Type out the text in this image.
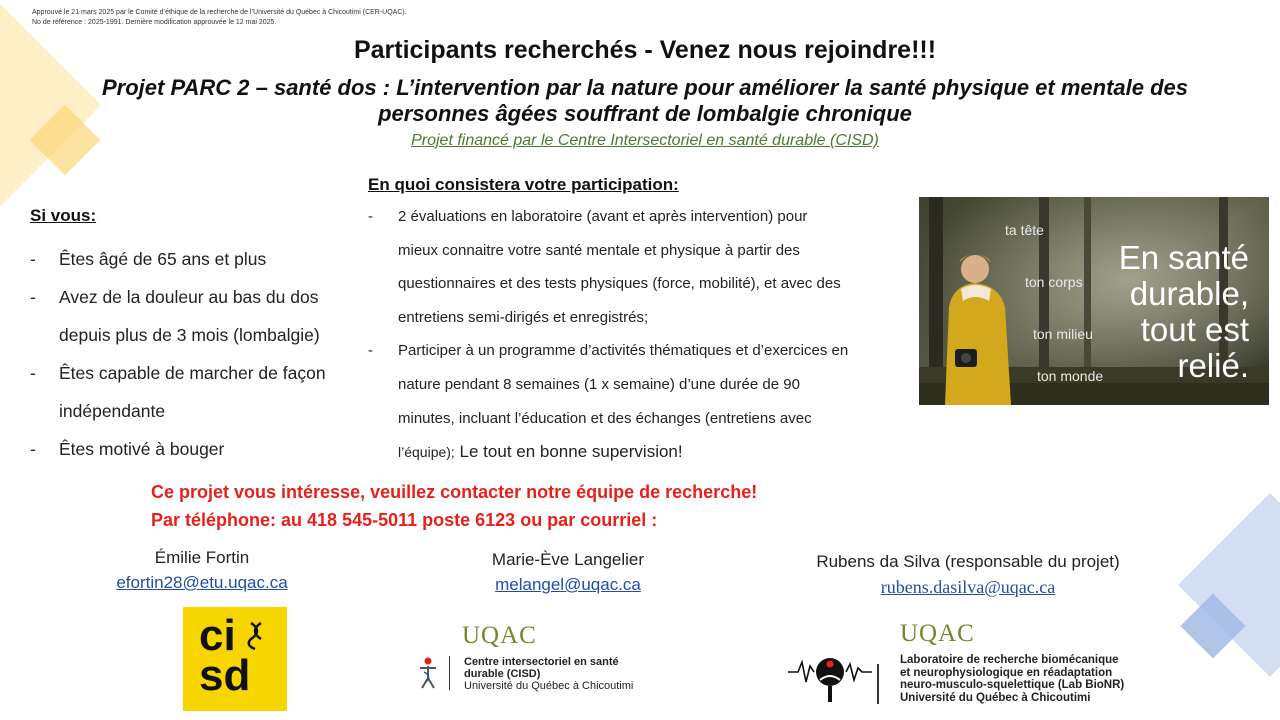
Approuvé le 21 mars 2025 par le Comité d’éthique de la recherche de l’Université du Québec à Chicoutimi (CER-UQAC).
No de référence : 2025-1991. Dernière modification approuvée le 12 mai 2025.
Participants recherchés - Venez nous rejoindre!!!
Projet PARC 2 – santé dos : L’intervention par la nature pour améliorer la santé physique et mentale des
personnes âgées souffrant de lombalgie chronique
Projet financé par le Centre Intersectoriel en santé durable (CISD)
Si vous:
- Êtes âgé de 65 ans et plus
- Avez de la douleur au bas du dos
depuis plus de 3 mois (lombalgie)
- Êtes capable de marcher de façon
indépendante
- Êtes motivé à bouger
En quoi consistera votre participation:
- 2 évaluations en laboratoire (avant et après intervention) pour
mieux connaitre votre santé mentale et physique à partir des
questionnaires et des tests physiques (force, mobilité), et avec des
entretiens semi-dirigés et enregistrés;
- Participer à un programme d’activités thématiques et d’exercices en
nature pendant 8 semaines (1 x semaine) d’une durée de 90
minutes, incluant l’éducation et des échanges (entretiens avec
l’équipe); Le tout en bonne supervision!
ta tête
ton corps
ton milieu
ton monde
En santé
durable,
tout est
relié.
Ce projet vous intéresse, veuillez contacter notre équipe de recherche!
Par téléphone: au 418 545-5011 poste 6123 ou par courriel :
Émilie Fortin
efortin28@etu.uqac.ca
Marie-Ève Langelier
melangel@uqac.ca
Rubens da Silva (responsable du projet)
rubens.dasilva@uqac.ca
ci
sd
UQAC
Centre intersectoriel en santé
durable (CISD)
Université du Québec à Chicoutimi
UQAC
Laboratoire de recherche biomécanique
et neurophysiologique en réadaptation
neuro-musculo-squelettique (Lab BioNR)
Université du Québec à Chicoutimi
